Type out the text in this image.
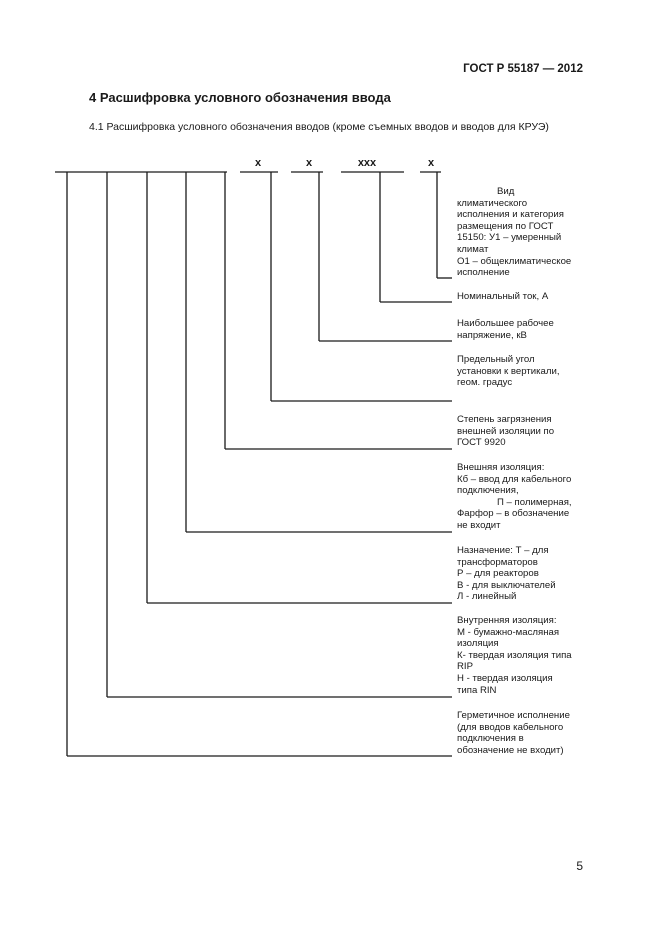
ГОСТ Р 55187 — 2012
4 Расшифровка условного обозначения ввода
4.1 Расшифровка условного обозначения вводов (кроме съемных вводов и вводов для КРУЭ)
х	х	ххх	х
Вид
климатического
исполнения и категория
размещения по ГОСТ
15150: У1 – умеренный
климат
О1 – общеклиматическое
исполнение
Номинальный ток, А
Наибольшее рабочее
напряжение, кВ
Предельный угол
установки к вертикали,
геом. градус
Степень загрязнения
внешней изоляции по
ГОСТ 9920
Внешняя изоляция:
Кб – ввод для кабельного
подключения,
П – полимерная,
Фарфор – в обозначение
не входит
Назначение: Т – для
трансформаторов
Р – для реакторов
В - для выключателей
Л - линейный
Внутренняя изоляция:
М - бумажно-масляная
изоляция
К- твердая изоляция типа
RIP
Н - твердая изоляция
типа RIN
Герметичное исполнение
(для вводов кабельного
подключения в
обозначение не входит)
5
